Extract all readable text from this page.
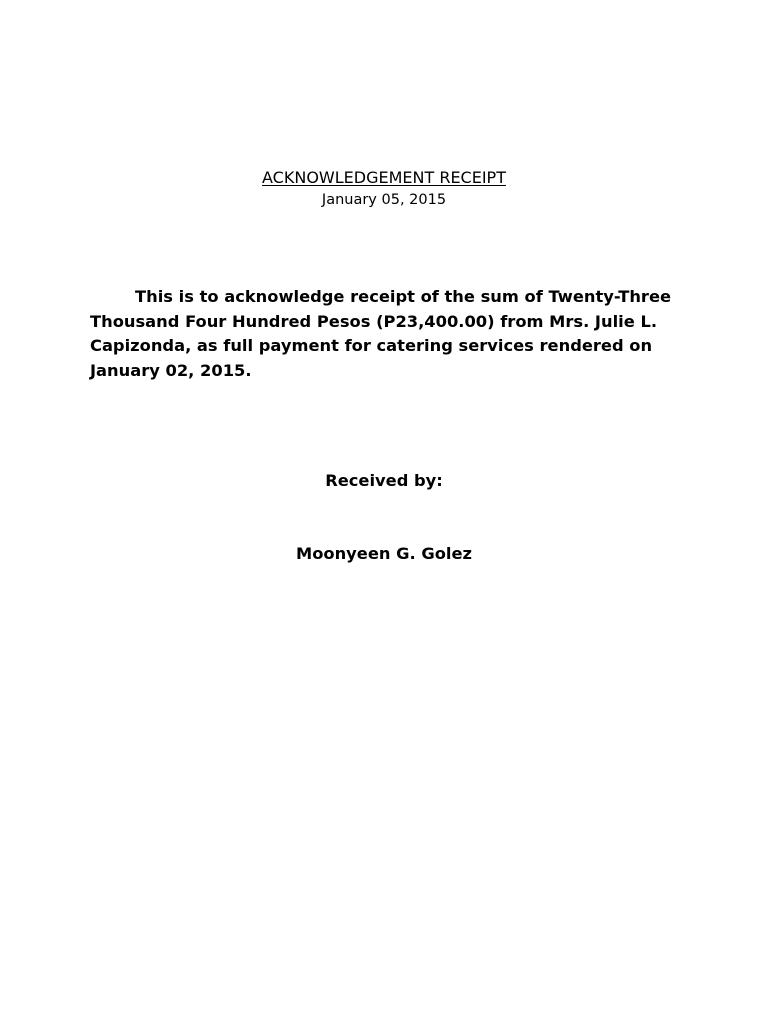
ACKNOWLEDGEMENT RECEIPT
January 05, 2015

This is to acknowledge receipt of the sum of Twenty-Three Thousand Four Hundred Pesos (P23,400.00) from Mrs. Julie L. Capizonda, as full payment for catering services rendered on January 02, 2015.

Received by:
Moonyeen G. Golez
